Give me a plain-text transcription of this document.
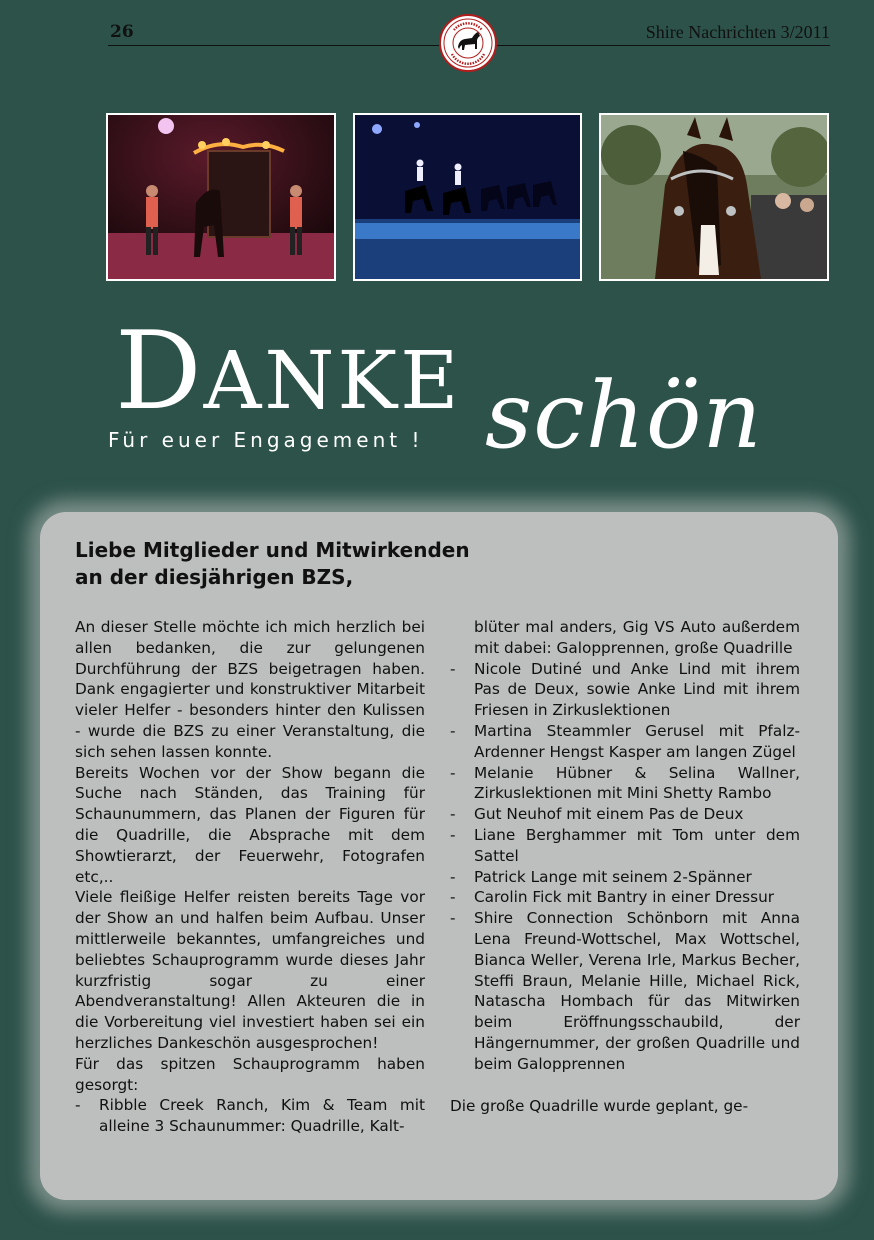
26	Shire Nachrichten 3/2011
DANKE
Für euer Engagement ! schön
Liebe Mitglieder und Mitwirkenden
an der diesjährigen BZS,

An dieser Stelle möchte ich mich herzlich bei allen bedanken, die zur gelungenen Durchführung der BZS beigetragen haben. Dank engagierter und konstruktiver Mitarbeit vieler Helfer - besonders hinter den Kulissen - wurde die BZS zu einer Veranstaltung, die sich sehen lassen konnte.

Bereits Wochen vor der Show begann die Suche nach Ständen, das Training für Schaunummern, das Planen der Figuren für die Quadrille, die Absprache mit dem Showtierarzt, der Feuerwehr, Fotografen etc,..

Viele fleißige Helfer reisten bereits Tage vor der Show an und halfen beim Aufbau. Unser mittlerweile bekanntes, umfangreiches und beliebtes Schauprogramm wurde dieses Jahr kurzfristig sogar zu einer Abendveranstaltung! Allen Akteuren die in die Vorbereitung viel investiert haben sei ein herzliches Dankeschön ausgesprochen!

Für das spitzen Schauprogramm haben gesorgt:

-	Ribble Creek Ranch, Kim & Team mit alleine 3 Schaunummer: Quadrille, Kalt-

blüter mal anders, Gig VS Auto außerdem mit dabei: Galopprennen, große Quadrille

-	Nicole Dutiné und Anke Lind mit ihrem Pas de Deux, sowie Anke Lind mit ihrem Friesen in Zirkuslektionen
-	Martina Steammler Gerusel mit Pfalz-Ardenner Hengst Kasper am langen Zügel
-	Melanie Hübner & Selina Wallner, Zirkuslektionen mit Mini Shetty Rambo
-	Gut Neuhof mit einem Pas de Deux
-	Liane Berghammer mit Tom unter dem Sattel
-	Patrick Lange mit seinem 2-Spänner
-	Carolin Fick mit Bantry in einer Dressur
-	Shire Connection Schönborn mit Anna Lena Freund-Wottschel, Max Wottschel, Bianca Weller, Verena Irle, Markus Becher, Steffi Braun, Melanie Hille, Michael Rick, Natascha Hombach für das Mitwirken beim Eröffnungsschaubild, der Hängernummer, der großen Quadrille und beim Galopprennen

Die große Quadrille wurde geplant, ge-
